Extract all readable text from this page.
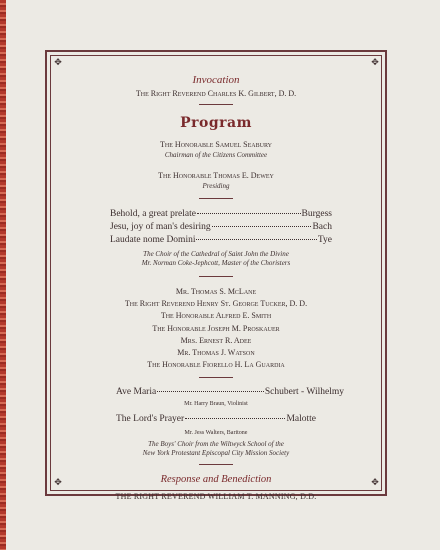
✥	✥
✥	✥
Invocation
The Right Reverend Charles K. Gilbert, D. D.
Program
The Honorable Samuel Seabury
Chairman of the Citizens Committee
The Honorable Thomas E. Dewey
Presiding
Behold, a great prelate	Burgess
Jesu, joy of man's desiring	Bach
Laudate nome Domini	Tye
The Choir of the Cathedral of Saint John the Divine
Mr. Norman Coke-Jephcott, Master of the Choristers
Mr. Thomas S. McLane
The Right Reverend Henry St. George Tucker, D. D.
The Honorable Alfred E. Smith
The Honorable Joseph M. Proskauer
Mrs. Ernest R. Adee
Mr. Thomas J. Watson
The Honorable Fiorello H. La Guardia
Ave Maria	Schubert - Wilhelmy
Mr. Harry Braun, Violinist
The Lord's Prayer	Malotte
Mr. Jess Walters, Baritone
The Boys' Choir from the Wiltwyck School of the
New York Protestant Episcopal City Mission Society
Response and Benediction
THE RIGHT REVEREND WILLIAM T. MANNING, D.D.
